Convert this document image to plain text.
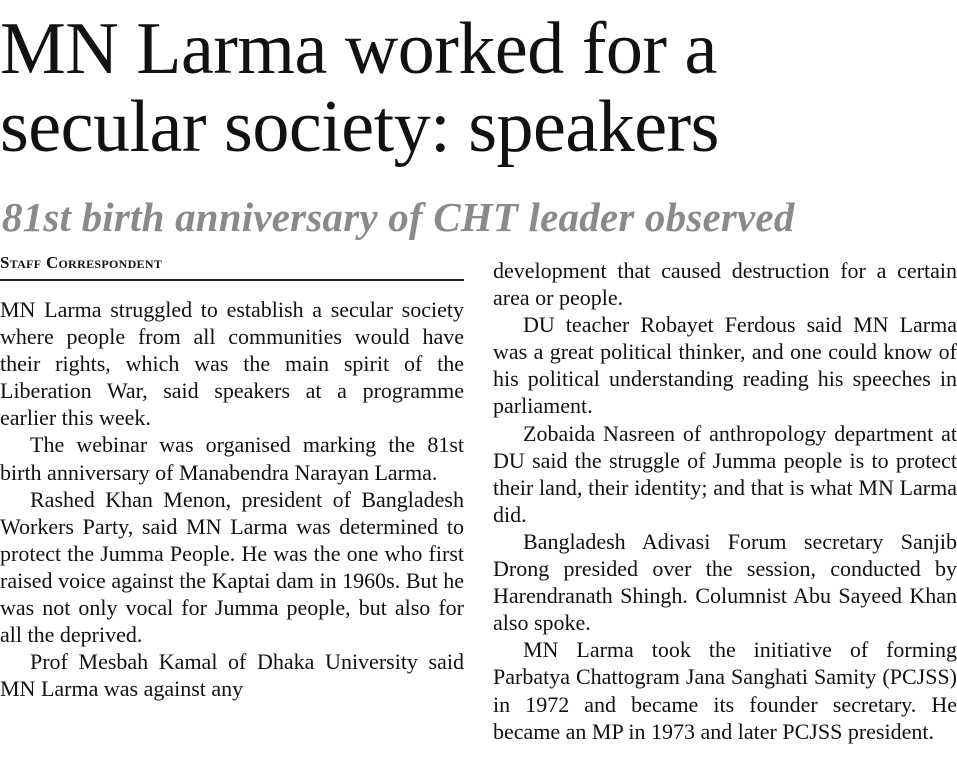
MN Larma worked for a
secular society: speakers
81st birth anniversary of CHT leader observed
Staff Correspondent

MN Larma struggled to establish a secular society where people from all communities would have their rights, which was the main spirit of the Liberation War, said speakers at a programme earlier this week.

The webinar was organised marking the 81st birth anniversary of Manabendra Narayan Larma.

Rashed Khan Menon, president of Bangladesh Workers Party, said MN Larma was determined to protect the Jumma People. He was the one who first raised voice against the Kaptai dam in 1960s. But he was not only vocal for Jumma people, but also for all the deprived.

Prof Mesbah Kamal of Dhaka University said MN Larma was against any

development that caused destruction for a certain area or people.

DU teacher Robayet Ferdous said MN Larma was a great political thinker, and one could know of his political understanding reading his speeches in parliament.

Zobaida Nasreen of anthropology department at DU said the struggle of Jumma people is to protect their land, their identity; and that is what MN Larma did.

Bangladesh Adivasi Forum secretary Sanjib Drong presided over the session, conducted by Harendranath Shingh. Columnist Abu Sayeed Khan also spoke.

MN Larma took the initiative of forming Parbatya Chattogram Jana Sanghati Samity (PCJSS) in 1972 and became its founder secretary. He became an MP in 1973 and later PCJSS president.
